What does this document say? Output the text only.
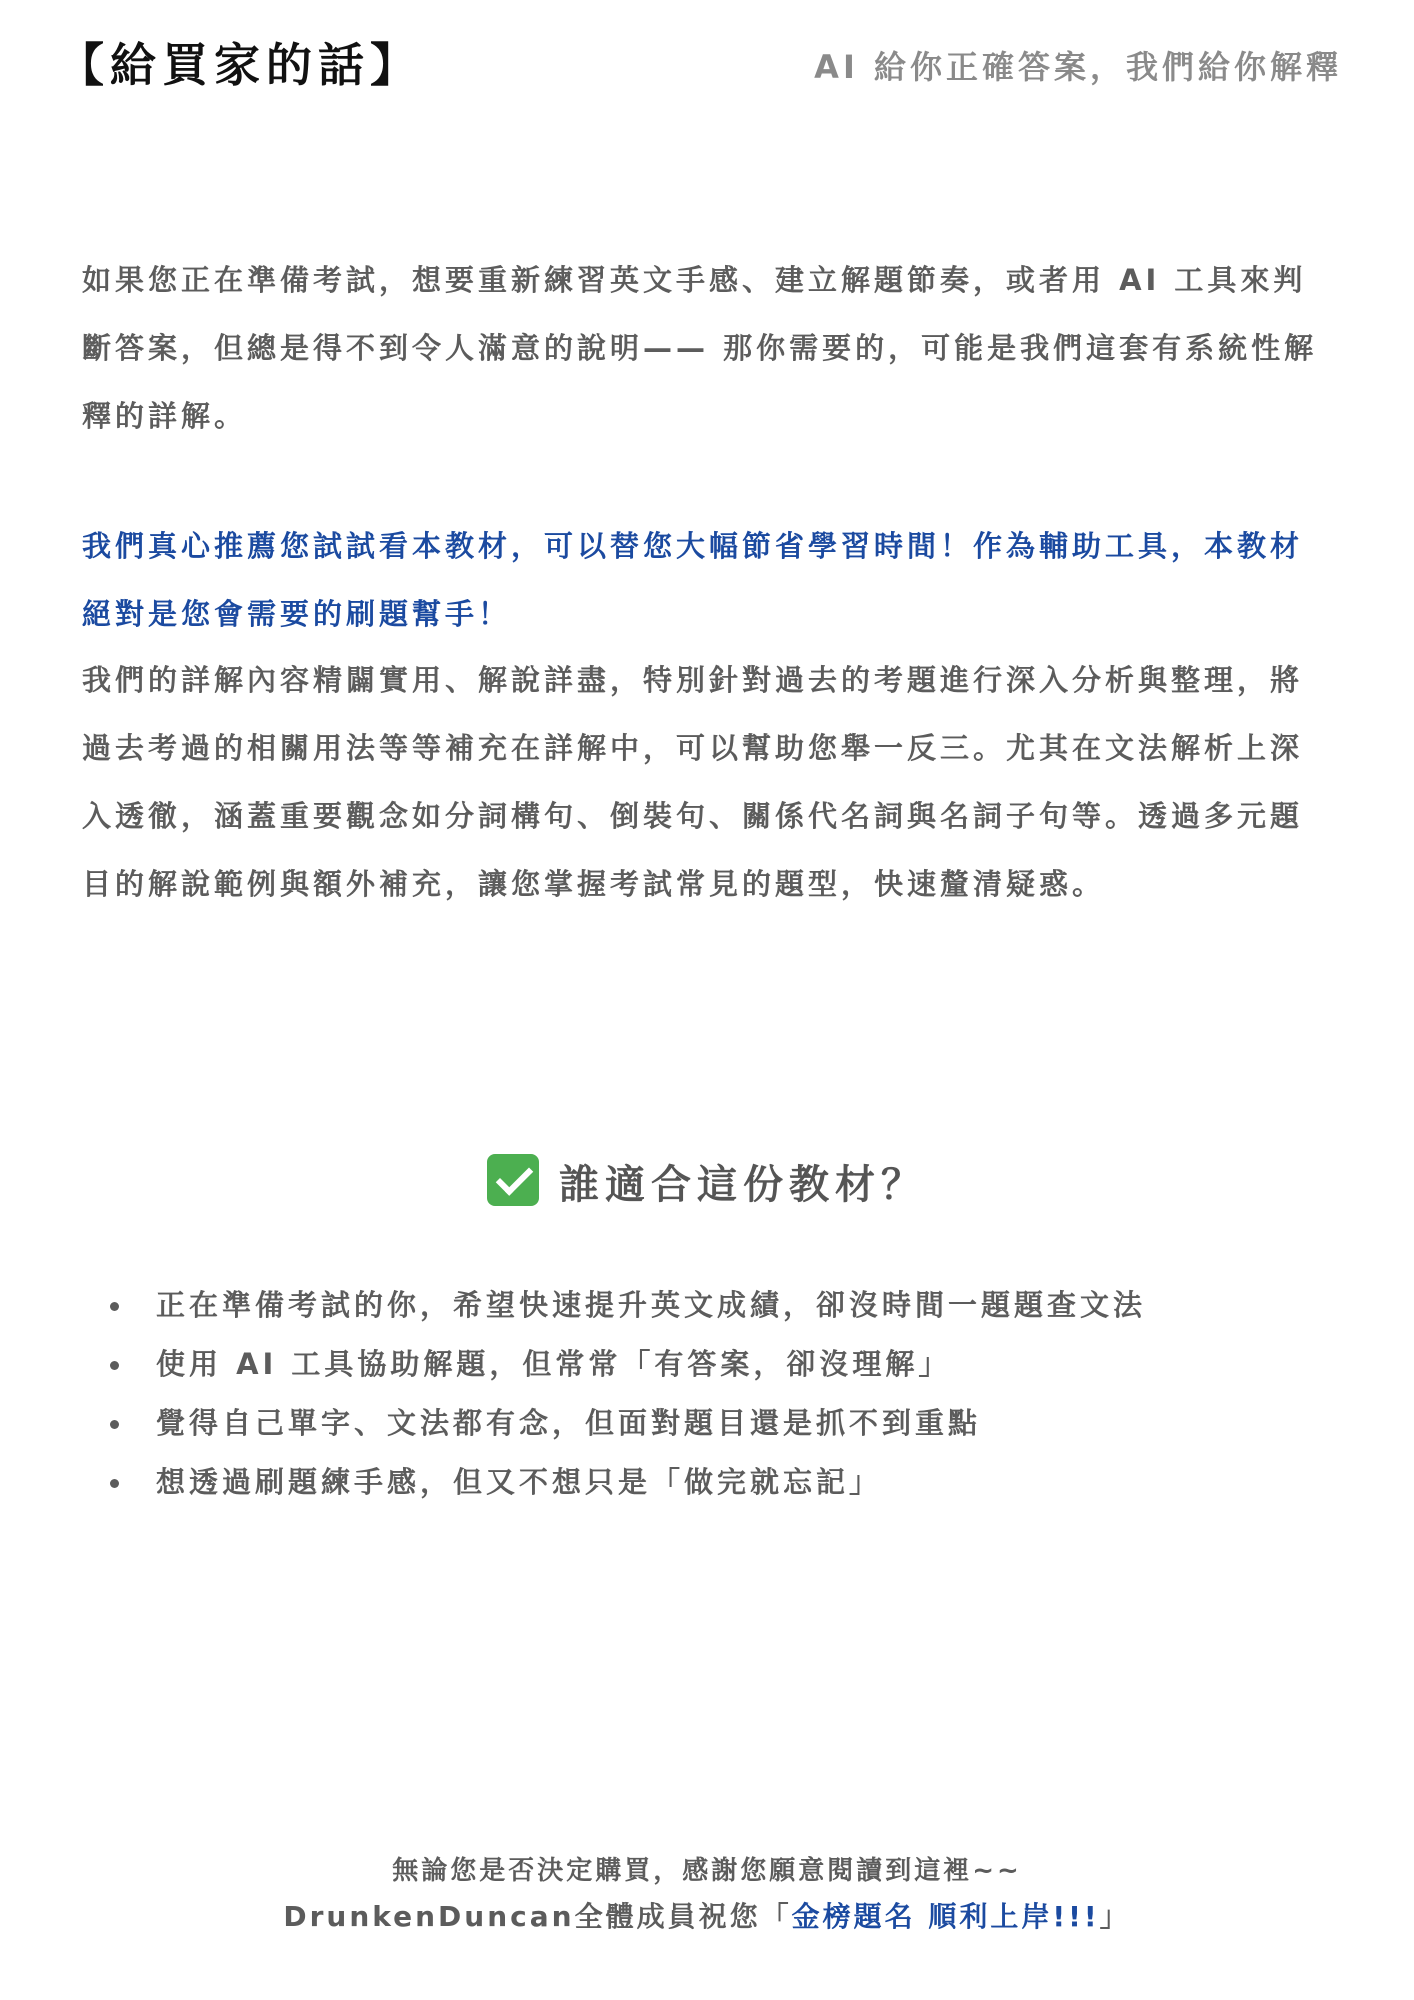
【給買家的話】	AI 給你正確答案，我們給你解釋
如果您正在準備考試，想要重新練習英文手感、建立解題節奏，或者用 AI 工具來判斷答案，但總是得不到令人滿意的說明—— 那你需要的，可能是我們這套有系統性解釋的詳解。
我們真心推薦您試試看本教材，可以替您大幅節省學習時間！作為輔助工具，本教材絕對是您會需要的刷題幫手！
我們的詳解內容精闢實用、解說詳盡，特別針對過去的考題進行深入分析與整理，將過去考過的相關用法等等補充在詳解中，可以幫助您舉一反三。尤其在文法解析上深入透徹，涵蓋重要觀念如分詞構句、倒裝句、關係代名詞與名詞子句等。透過多元題目的解說範例與額外補充，讓您掌握考試常見的題型，快速釐清疑惑。
誰適合這份教材？
正在準備考試的你，希望快速提升英文成績，卻沒時間一題題查文法
使用 AI 工具協助解題，但常常「有答案，卻沒理解」
覺得自己單字、文法都有念，但面對題目還是抓不到重點
想透過刷題練手感，但又不想只是「做完就忘記」
無論您是否決定購買，感謝您願意閱讀到這裡~~
DrunkenDuncan全體成員祝您「金榜題名 順利上岸!!!」
